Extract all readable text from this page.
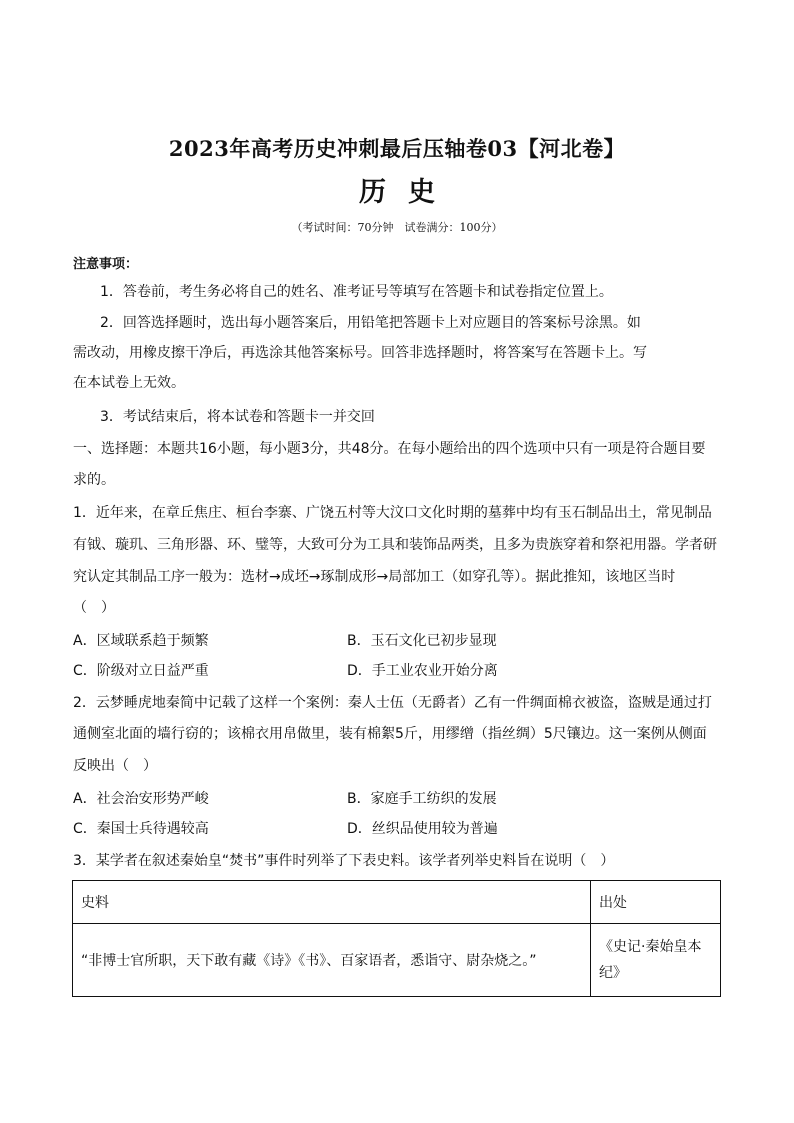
2023年高考历史冲刺最后压轴卷03【河北卷】
历史
（考试时间：70分钟　试卷满分：100分）
注意事项：
1．答卷前，考生务必将自己的姓名、准考证号等填写在答题卡和试卷指定位置上。
2．回答选择题时，选出每小题答案后，用铅笔把答题卡上对应题目的答案标号涂黑。如
需改动，用橡皮擦干净后，再选涂其他答案标号。回答非选择题时，将答案写在答题卡上。写
在本试卷上无效。
3．考试结束后，将本试卷和答题卡一并交回
一、选择题：本题共16小题，每小题3分，共48分。在每小题给出的四个选项中只有一项是符合题目要
求的。
1．近年来，在章丘焦庄、桓台李寨、广饶五村等大汶口文化时期的墓葬中均有玉石制品出土，常见制品
有钺、璇玑、三角形器、环、璧等，大致可分为工具和装饰品两类，且多为贵族穿着和祭祀用器。学者研
究认定其制品工序一般为：选材→成坯→琢制成形→局部加工（如穿孔等）。据此推知，该地区当时
（　）
A．区域联系趋于频繁	B．玉石文化已初步显现
C．阶级对立日益严重	D．手工业农业开始分离
2．云梦睡虎地秦简中记载了这样一个案例：秦人士伍（无爵者）乙有一件绸面棉衣被盗，盗贼是通过打
通侧室北面的墙行窃的；该棉衣用帛做里，装有棉絮5斤，用缪缯（指丝绸）5尺镶边。这一案例从侧面
反映出（　）
A．社会治安形势严峻	B．家庭手工纺织的发展
C．秦国士兵待遇较高	D．丝织品使用较为普遍
3．某学者在叙述秦始皇“焚书”事件时列举了下表史料。该学者列举史料旨在说明（　）
史料	出处
“非博士官所职，天下敢有藏《诗》《书》、百家语者，悉诣守、尉杂烧之。”	《史记·秦始皇本
纪》
